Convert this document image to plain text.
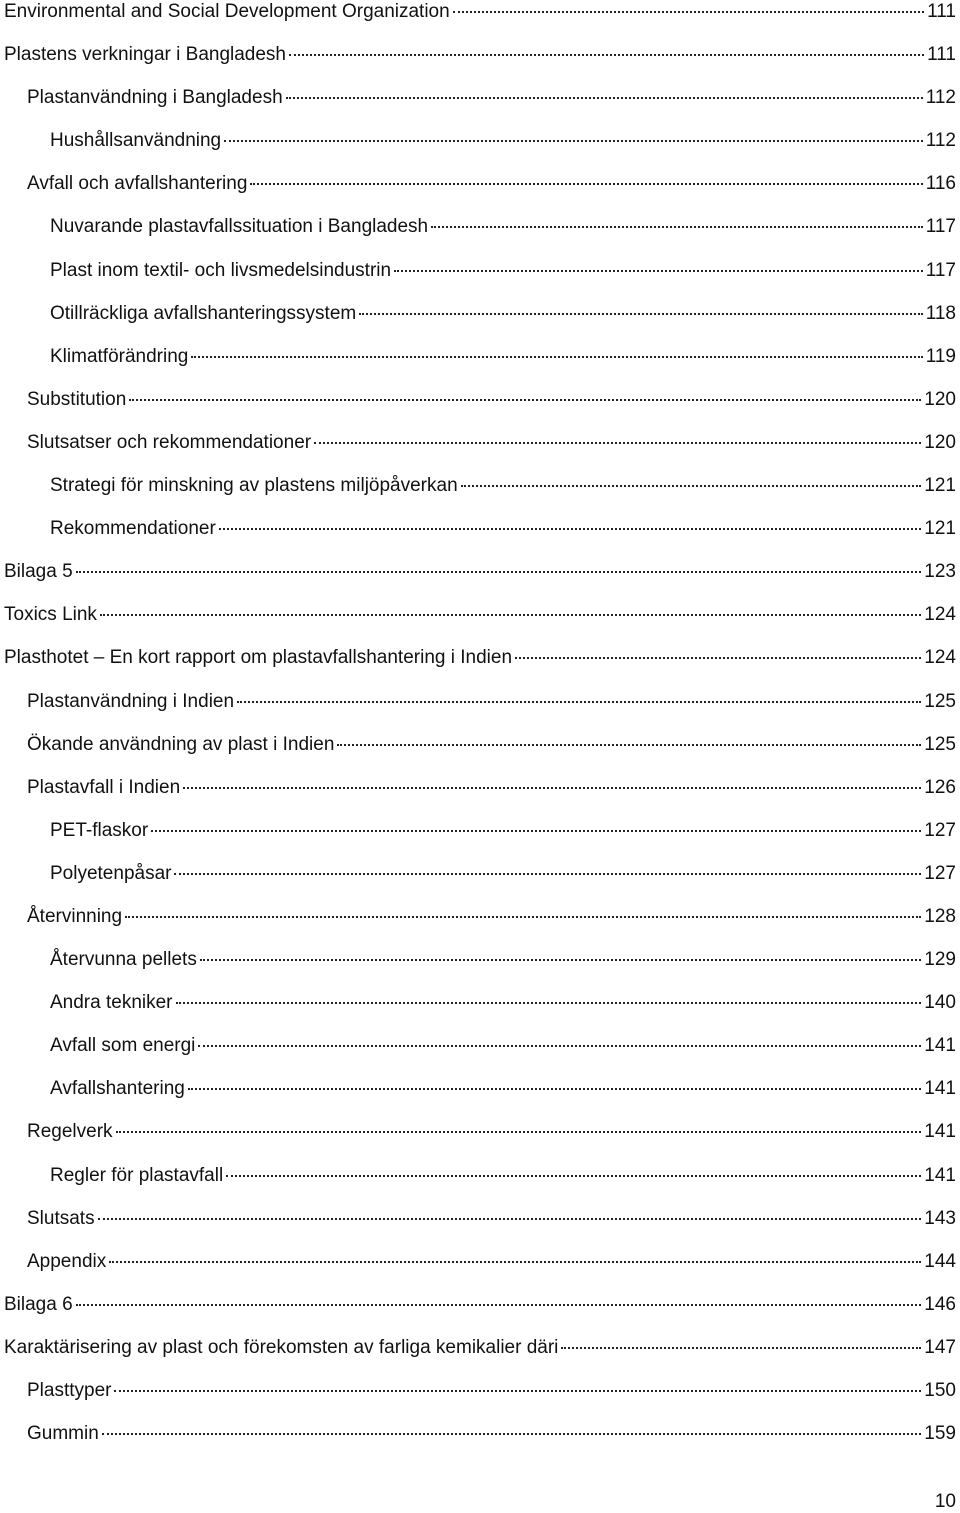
Environmental and Social Development Organization	111
Plastens verkningar i Bangladesh	111
Plastanvändning i Bangladesh	112
Hushållsanvändning	112
Avfall och avfallshantering	116
Nuvarande plastavfallssituation i Bangladesh	117
Plast inom textil- och livsmedelsindustrin	117
Otillräckliga avfallshanteringssystem	118
Klimatförändring	119
Substitution	120
Slutsatser och rekommendationer	120
Strategi för minskning av plastens miljöpåverkan	121
Rekommendationer	121
Bilaga 5	123
Toxics Link	124
Plasthotet – En kort rapport om plastavfallshantering i Indien	124
Plastanvändning i Indien	125
Ökande användning av plast i Indien	125
Plastavfall i Indien	126
PET-flaskor	127
Polyetenpåsar	127
Återvinning	128
Återvunna pellets	129
Andra tekniker	140
Avfall som energi	141
Avfallshantering	141
Regelverk	141
Regler för plastavfall	141
Slutsats	143
Appendix	144
Bilaga 6	146
Karaktärisering av plast och förekomsten av farliga kemikalier däri	147
Plasttyper	150
Gummin	159
10
